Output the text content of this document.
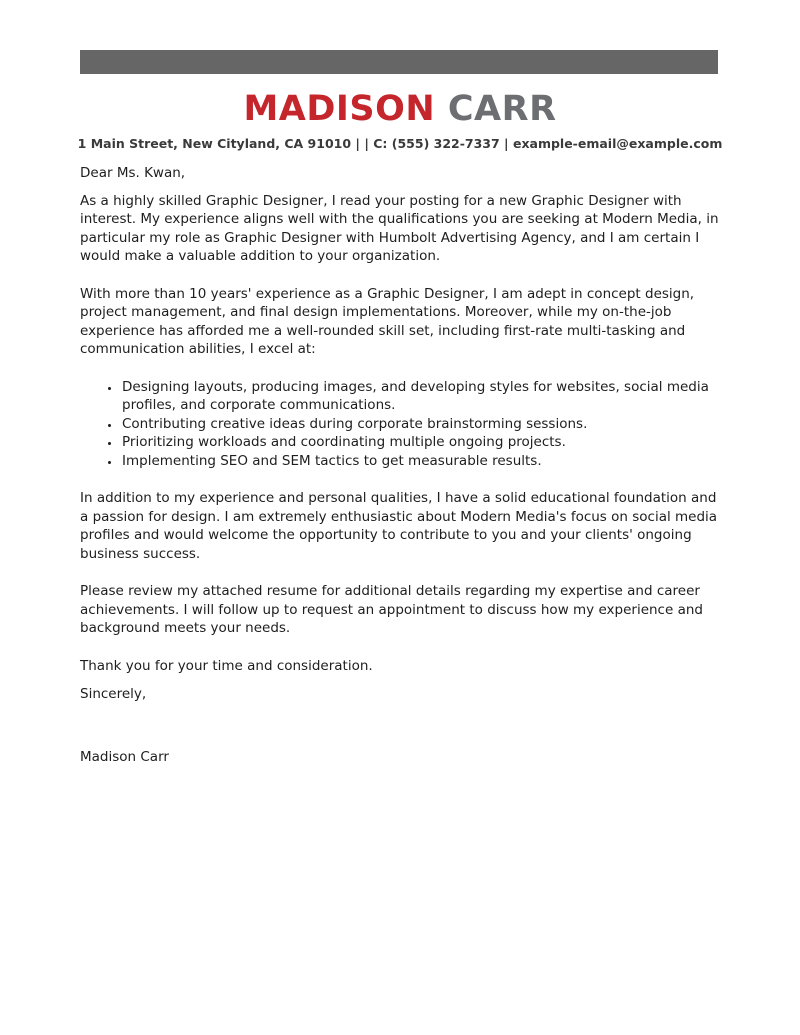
MADISON CARR
1 Main Street, New Cityland, CA 91010 | | C: (555) 322-7337 | example-email@example.com

Dear Ms. Kwan,

As a highly skilled Graphic Designer, I read your posting for a new Graphic Designer with interest. My experience aligns well with the qualifications you are seeking at Modern Media, in particular my role as Graphic Designer with Humbolt Advertising Agency, and I am certain I would make a valuable addition to your organization.

With more than 10 years' experience as a Graphic Designer, I am adept in concept design, project management, and final design implementations. Moreover, while my on-the-job experience has afforded me a well-rounded skill set, including first-rate multi-tasking and communication abilities, I excel at:

• Designing layouts, producing images, and developing styles for websites, social media profiles, and corporate communications.
• Contributing creative ideas during corporate brainstorming sessions.
• Prioritizing workloads and coordinating multiple ongoing projects.
• Implementing SEO and SEM tactics to get measurable results.

In addition to my experience and personal qualities, I have a solid educational foundation and a passion for design. I am extremely enthusiastic about Modern Media's focus on social media profiles and would welcome the opportunity to contribute to you and your clients' ongoing business success.

Please review my attached resume for additional details regarding my expertise and career achievements. I will follow up to request an appointment to discuss how my experience and background meets your needs.

Thank you for your time and consideration.

Sincerely,

Madison Carr
